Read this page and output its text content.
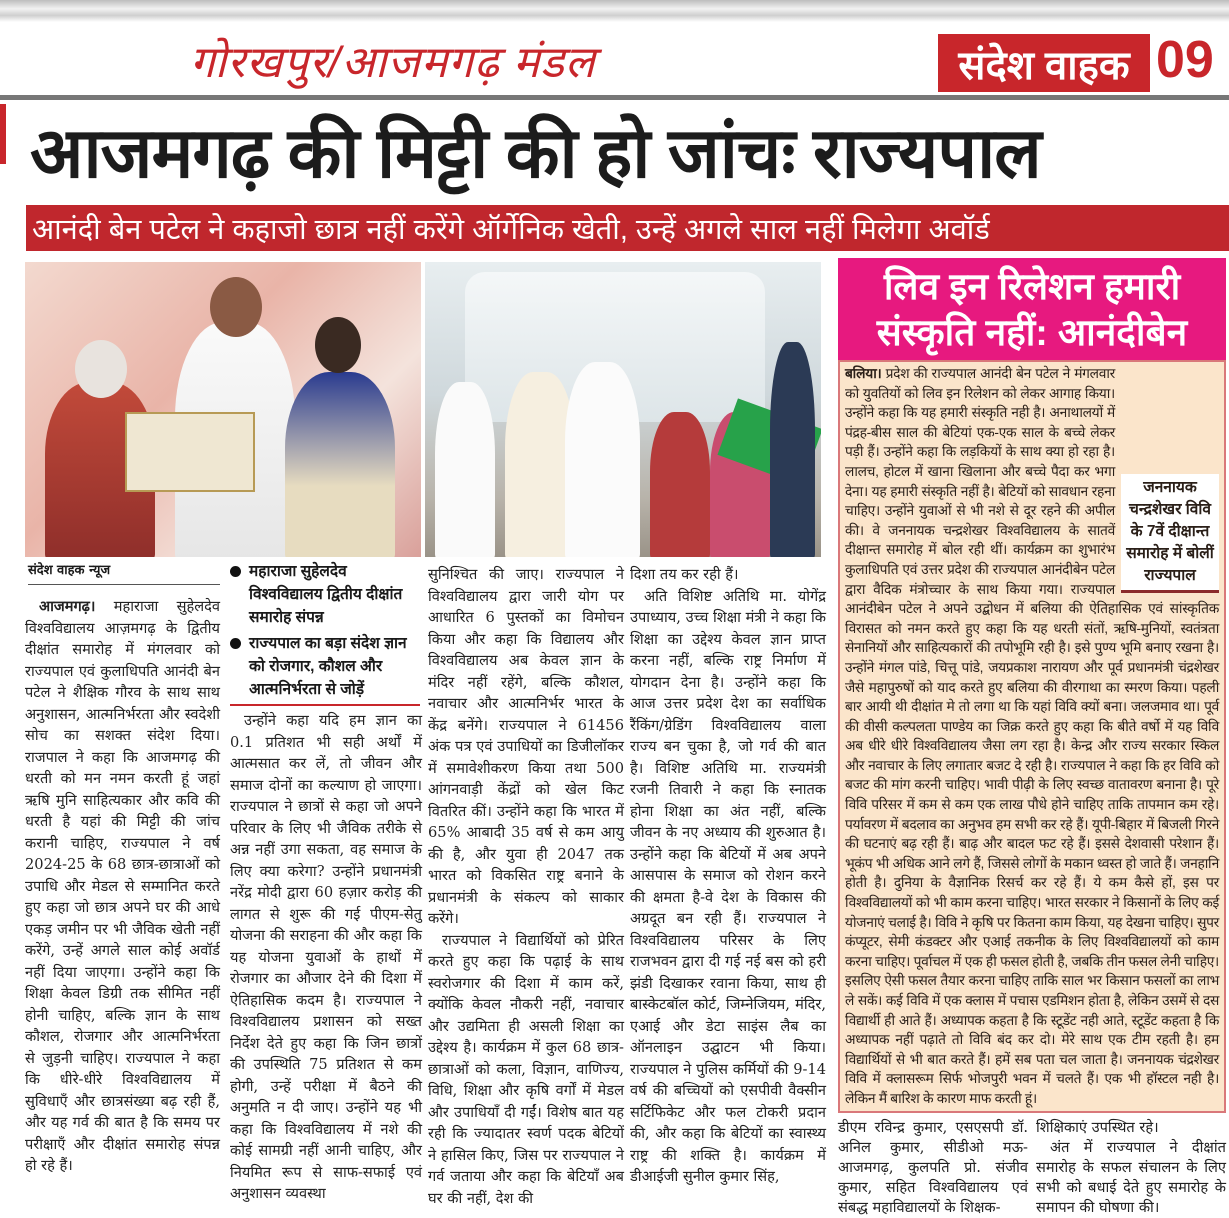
गोरखपुर/आजमगढ़ मंडल	संदेश वाहक 09
आजमगढ़ की मिट्टी की हो जांचः राज्यपाल
आनंदी बेन पटेल ने कहाजो छात्र नहीं करेंगे ऑर्गेनिक खेती, उन्हें अगले साल नहीं मिलेगा अवॉर्ड
संदेश वाहक न्यूज

आजमगढ़। महाराजा सुहेलदेव विश्वविद्यालय आज़मगढ़ के द्वितीय दीक्षांत समारोह में मंगलवार को राज्यपाल एवं कुलाधिपति आनंदी बेन पटेल ने शैक्षिक गौरव के साथ साथ अनुशासन, आत्मनिर्भरता और स्वदेशी सोच का सशक्त संदेश दिया। राजपाल ने कहा कि आजमगढ़ की धरती को मन नमन करती हूं जहां ऋषि मुनि साहित्यकार और कवि की धरती है यहां की मिट्टी की जांच करानी चाहिए, राज्यपाल ने वर्ष 2024-25 के 68 छात्र-छात्राओं को उपाधि और मेडल से सम्मानित करते हुए कहा जो छात्र अपने घर की आधे एकड़ जमीन पर भी जैविक खेती नहीं करेंगे, उन्हें अगले साल कोई अवॉर्ड नहीं दिया जाएगा। उन्होंने कहा कि शिक्षा केवल डिग्री तक सीमित नहीं होनी चाहिए, बल्कि ज्ञान के साथ कौशल, रोजगार और आत्मनिर्भरता से जुड़नी चाहिए। राज्यपाल ने कहा कि धीरे-धीरे विश्वविद्यालय में सुविधाएँ और छात्रसंख्या बढ़ रही हैं, और यह गर्व की बात है कि समय पर परीक्षाएँ और दीक्षांत समारोह संपन्न हो रहे हैं।

महाराजा सुहेलदेव विश्वविद्यालय द्वितीय दीक्षांत समारोह संपन्न
राज्यपाल का बड़ा संदेश ज्ञान को रोजगार, कौशल और आत्मनिर्भरता से जोड़ें

उन्होंने कहा यदि हम ज्ञान का 0.1 प्रतिशत भी सही अर्थों में आत्मसात कर लें, तो जीवन और समाज दोनों का कल्याण हो जाएगा। राज्यपाल ने छात्रों से कहा जो अपने परिवार के लिए भी जैविक तरीके से अन्न नहीं उगा सकता, वह समाज के लिए क्या करेगा? उन्होंने प्रधानमंत्री नरेंद्र मोदी द्वारा 60 हज़ार करोड़ की लागत से शुरू की गई पीएम-सेतु योजना की सराहना की और कहा कि यह योजना युवाओं के हाथों में रोजगार का औजार देने की दिशा में ऐतिहासिक कदम है। राज्यपाल ने विश्वविद्यालय प्रशासन को सख्त निर्देश देते हुए कहा कि जिन छात्रों की उपस्थिति 75 प्रतिशत से कम होगी, उन्हें परीक्षा में बैठने की अनुमति न दी जाए। उन्होंने यह भी कहा कि विश्वविद्यालय में नशे की कोई सामग्री नहीं आनी चाहिए, और नियमित रूप से साफ-सफाई एवं अनुशासन व्यवस्था

सुनिश्चित की जाए। राज्यपाल ने विश्वविद्यालय द्वारा जारी योग पर आधारित 6 पुस्तकों का विमोचन किया और कहा कि विद्यालय और विश्वविद्यालय अब केवल ज्ञान के मंदिर नहीं रहेंगे, बल्कि कौशल, नवाचार और आत्मनिर्भर भारत के केंद्र बनेंगे। राज्यपाल ने 61456 अंक पत्र एवं उपाधियों का डिजीलॉकर में समावेशीकरण किया तथा 500 आंगनवाड़ी केंद्रों को खेल किट वितरित कीं। उन्होंने कहा कि भारत में 65% आबादी 35 वर्ष से कम आयु की है, और युवा ही 2047 तक भारत को विकसित राष्ट्र बनाने के प्रधानमंत्री के संकल्प को साकार करेंगे।

राज्यपाल ने विद्यार्थियों को प्रेरित करते हुए कहा कि पढ़ाई के साथ स्वरोजगार की दिशा में काम करें, क्योंकि केवल नौकरी नहीं, नवाचार और उद्यमिता ही असली शिक्षा का उद्देश्य है। कार्यक्रम में कुल 68 छात्र-छात्राओं को कला, विज्ञान, वाणिज्य, विधि, शिक्षा और कृषि वर्गों में मेडल और उपाधियाँ दी गईं। विशेष बात यह रही कि ज्यादातर स्वर्ण पदक बेटियों ने हासिल किए, जिस पर राज्यपाल ने गर्व जताया और कहा कि बेटियाँ अब घर की नहीं, देश की

दिशा तय कर रही हैं।

अति विशिष्ट अतिथि मा. योगेंद्र उपाध्याय, उच्च शिक्षा मंत्री ने कहा कि शिक्षा का उद्देश्य केवल ज्ञान प्राप्त करना नहीं, बल्कि राष्ट्र निर्माण में योगदान देना है। उन्होंने कहा कि आज उत्तर प्रदेश देश का सर्वाधिक रैंकिंग/ग्रेडिंग विश्वविद्यालय वाला राज्य बन चुका है, जो गर्व की बात है। विशिष्ट अतिथि मा. राज्यमंत्री रजनी तिवारी ने कहा कि स्नातक होना शिक्षा का अंत नहीं, बल्कि जीवन के नए अध्याय की शुरुआत है। उन्होंने कहा कि बेटियों में अब अपने आसपास के समाज को रोशन करने की क्षमता है-वे देश के विकास की अग्रदूत बन रही हैं। राज्यपाल ने विश्वविद्यालय परिसर के लिए राजभवन द्वारा दी गई नई बस को हरी झंडी दिखाकर रवाना किया, साथ ही बास्केटबॉल कोर्ट, जिम्नेजियम, मंदिर, एआई और डेटा साइंस लैब का ऑनलाइन उद्घाटन भी किया। राज्यपाल ने पुलिस कर्मियों की 9-14 वर्ष की बच्चियों को एसपीवी वैक्सीन सर्टिफिकेट और फल टोकरी प्रदान की, और कहा कि बेटियों का स्वास्थ्य राष्ट्र की शक्ति है। कार्यक्रम में डीआईजी सुनील कुमार सिंह,

लिव इन रिलेशन हमारी
संस्कृति नहीं: आनंदीबेन
जननायक चन्द्रशेखर विवि के 7वें दीक्षान्त समारोह में बोलीं राज्यपाल
बलिया। प्रदेश की राज्यपाल आनंदी बेन पटेल ने मंगलवार को युवतियों को लिव इन रिलेशन को लेकर आगाह किया। उन्होंने कहा कि यह हमारी संस्कृति नही है। अनाथालयों में पंद्रह-बीस साल की बेटियां एक-एक साल के बच्चे लेकर पड़ी हैं। उन्होंने कहा कि लड़कियों के साथ क्या हो रहा है। लालच, होटल में खाना खिलाना और बच्चे पैदा कर भगा देना। यह हमारी संस्कृति नहीं है। बेटियों को सावधान रहना चाहिए। उन्होंने युवाओं से भी नशे से दूर रहने की अपील की। वे जननायक चन्द्रशेखर विश्वविद्यालय के सातवें दीक्षान्त समारोह में बोल रही थीं। कार्यक्रम का शुभारंभ कुलाधिपति एवं उत्तर प्रदेश की राज्यपाल आनंदीबेन पटेल द्वारा वैदिक मंत्रोच्चार के साथ किया गया। राज्यपाल आनंदीबेन पटेल ने अपने उद्बोधन में बलिया की ऐतिहासिक एवं सांस्कृतिक विरासत को नमन करते हुए कहा कि यह धरती संतों, ऋषि-मुनियों, स्वतंत्रता सेनानियों और साहित्यकारों की तपोभूमि रही है। इसे पुण्य भूमि बनाए रखना है। उन्होंने मंगल पांडे, चित्तू पांडे, जयप्रकाश नारायण और पूर्व प्रधानमंत्री चंद्रशेखर जैसे महापुरुषों को याद करते हुए बलिया की वीरगाथा का स्मरण किया। पहली बार आयी थी दीक्षांत मे तो लगा था कि यहां विवि क्यों बना। जलजमाव था। पूर्व की वीसी कल्पलता पाण्डेय का जिक्र करते हुए कहा कि बीते वर्षो में यह विवि अब धीरे धीरे विश्वविद्यालय जैसा लग रहा है। केन्द्र और राज्य सरकार स्किल और नवाचार के लिए लगातार बजट दे रही है। राज्यपाल ने कहा कि हर विवि को बजट की मांग करनी चाहिए। भावी पीढ़ी के लिए स्वच्छ वातावरण बनाना है। पूरे विवि परिसर में कम से कम एक लाख पौधे होने चाहिए ताकि तापमान कम रहे। पर्यावरण में बदलाव का अनुभव हम सभी कर रहे हैं। यूपी-बिहार में बिजली गिरने की घटनाएं बढ़ रही हैं। बाढ़ और बादल फट रहे हैं। इससे देशवासी परेशान हैं। भूकंप भी अधिक आने लगे हैं, जिससे लोगों के मकान ध्वस्त हो जाते हैं। जनहानि होती है। दुनिया के वैज्ञानिक रिसर्च कर रहे हैं। ये कम कैसे हों, इस पर विश्वविद्यालयों को भी काम करना चाहिए। भारत सरकार ने किसानों के लिए कई योजनाएं चलाई है। विवि ने कृषि पर कितना काम किया, यह देखना चाहिए। सुपर कंप्यूटर, सेमी कंडक्टर और एआई तकनीक के लिए विश्वविद्यालयों को काम करना चाहिए। पूर्वाचल में एक ही फसल होती है, जबकि तीन फसल लेनी चाहिए। इसलिए ऐसी फसल तैयार करना चाहिए ताकि साल भर किसान फसलों का लाभ ले सकें। कई विवि में एक क्लास में पचास एडमिशन होता है, लेकिन उसमें से दस विद्यार्थी ही आते हैं। अध्यापक कहता है कि स्टूडेंट नही आते, स्टूडेंट कहता है कि अध्यापक नहीं पढ़ाते तो विवि बंद कर दो। मेरे साथ एक टीम रहती है। हम विद्यार्थियों से भी बात करते हैं। हमें सब पता चल जाता है। जननायक चंद्रशेखर विवि में क्लासरूम सिर्फ भोजपुरी भवन में चलते हैं। एक भी हॉस्टल नही है। लेकिन मैं बारिश के कारण माफ करती हूं।

डीएम रविन्द्र कुमार, एसएसपी डॉ. अनिल कुमार, सीडीओ मऊ-आजमगढ़, कुलपति प्रो. संजीव कुमार, सहित विश्वविद्यालय एवं संबद्ध महाविद्यालयों के शिक्षक-

शिक्षिकाएं उपस्थित रहे।

अंत में राज्यपाल ने दीक्षांत समारोह के सफल संचालन के लिए सभी को बधाई देते हुए समारोह के समापन की घोषणा की।
